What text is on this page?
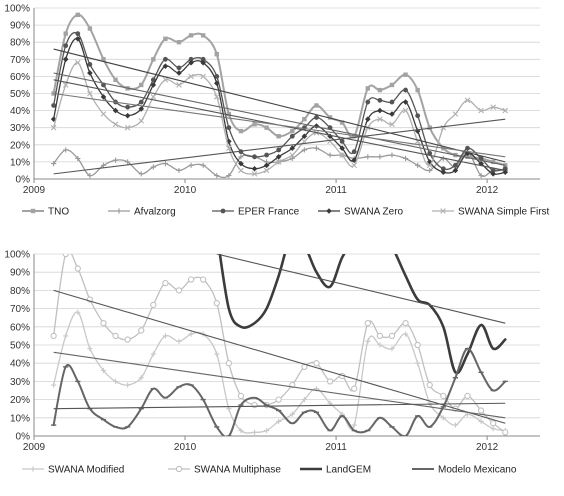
0%
10%
20%
30%
40%
50%
60%
70%
80%
90%
100%
2009	2010	2011	2012
TNO	Afvalzorg	EPER France	SWANA Zero	SWANA Simple First
0%
10%
20%
30%
40%
50%
60%
70%
80%
90%
100%
2009	2010	2011	2012
SWANA Modified	SWANA Multiphase	LandGEM	Modelo Mexicano
